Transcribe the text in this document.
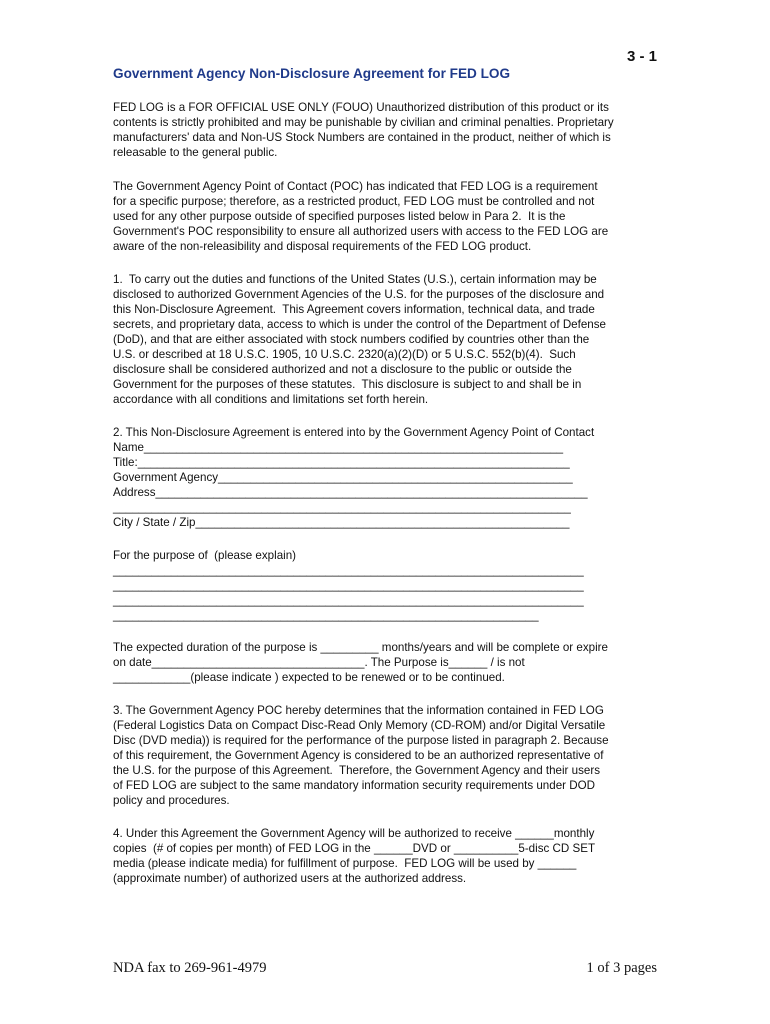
3 - 1
Government Agency Non-Disclosure Agreement for FED LOG
FED LOG is a FOR OFFICIAL USE ONLY (FOUO) Unauthorized distribution of this product or its
contents is strictly prohibited and may be punishable by civilian and criminal penalties. Proprietary
manufacturers' data and Non-US Stock Numbers are contained in the product, neither of which is
releasable to the general public.
The Government Agency Point of Contact (POC) has indicated that FED LOG is a requirement
for a specific purpose; therefore, as a restricted product, FED LOG must be controlled and not
used for any other purpose outside of specified purposes listed below in Para 2.  It is the
Government's POC responsibility to ensure all authorized users with access to the FED LOG are
aware of the non-releasibility and disposal requirements of the FED LOG product.
1.  To carry out the duties and functions of the United States (U.S.), certain information may be
disclosed to authorized Government Agencies of the U.S. for the purposes of the disclosure and
this Non-Disclosure Agreement.  This Agreement covers information, technical data, and trade
secrets, and proprietary data, access to which is under the control of the Department of Defense
(DoD), and that are either associated with stock numbers codified by countries other than the
U.S. or described at 18 U.S.C. 1905, 10 U.S.C. 2320(a)(2)(D) or 5 U.S.C. 552(b)(4).  Such
disclosure shall be considered authorized and not a disclosure to the public or outside the
Government for the purposes of these statutes.  This disclosure is subject to and shall be in
accordance with all conditions and limitations set forth herein.
2. This Non-Disclosure Agreement is entered into by the Government Agency Point of Contact
Name_________________________________________________________________
Title:___________________________________________________________________
Government Agency_______________________________________________________
Address___________________________________________________________________
_______________________________________________________________________
City / State / Zip__________________________________________________________
For the purpose of  (please explain)
_________________________________________________________________________
_________________________________________________________________________
_________________________________________________________________________
__________________________________________________________________
The expected duration of the purpose is _________ months/years and will be complete or expire
on date_________________________________. The Purpose is______ / is not
____________(please indicate ) expected to be renewed or to be continued.
3. The Government Agency POC hereby determines that the information contained in FED LOG
(Federal Logistics Data on Compact Disc-Read Only Memory (CD-ROM) and/or Digital Versatile
Disc (DVD media)) is required for the performance of the purpose listed in paragraph 2. Because
of this requirement, the Government Agency is considered to be an authorized representative of
the U.S. for the purpose of this Agreement.  Therefore, the Government Agency and their users
of FED LOG are subject to the same mandatory information security requirements under DOD
policy and procedures.
4. Under this Agreement the Government Agency will be authorized to receive ______monthly
copies  (# of copies per month) of FED LOG in the ______DVD or __________5-disc CD SET
media (please indicate media) for fulfillment of purpose.  FED LOG will be used by ______
(approximate number) of authorized users at the authorized address.
NDA fax to 269-961-4979	1 of 3 pages
